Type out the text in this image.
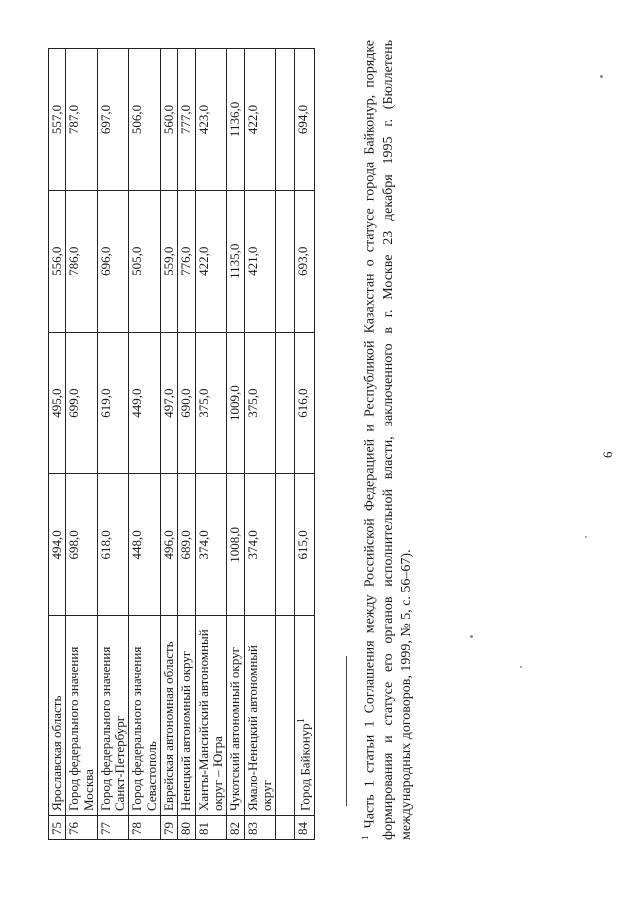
75	Ярославская область	494,0	495,0	556,0	557,0
76	Город федерального значения Москва	698,0	699,0	786,0	787,0
77	Город федерального значения Санкт-Петербург	618,0	619,0	696,0	697,0
78	Город федерального значения Севастополь	448,0	449,0	505,0	506,0
79	Еврейская автономная область	496,0	497,0	559,0	560,0
80	Ненецкий автономный округ	689,0	690,0	776,0	777,0
81	Ханты-Мансийский автономный округ – Югра	374,0	375,0	422,0	423,0
82	Чукотский автономный округ	1008,0	1009,0	1135,0	1136,0
83	Ямало-Ненецкий автономный округ	374,0	375,0	421,0	422,0

84	Город Байконур$^1$	615,0	616,0	693,0	694,0
$^1$ Часть 1 статьи 1 Соглашения между Российской Федерацией и Республикой Казахстан о статусе города Байконур, порядке формирования и статусе его органов исполнительной власти, заключенного в г. Москве 23 декабря 1995 г. (Бюллетень международных договоров, 1999, № 5, с. 56–67).
6
